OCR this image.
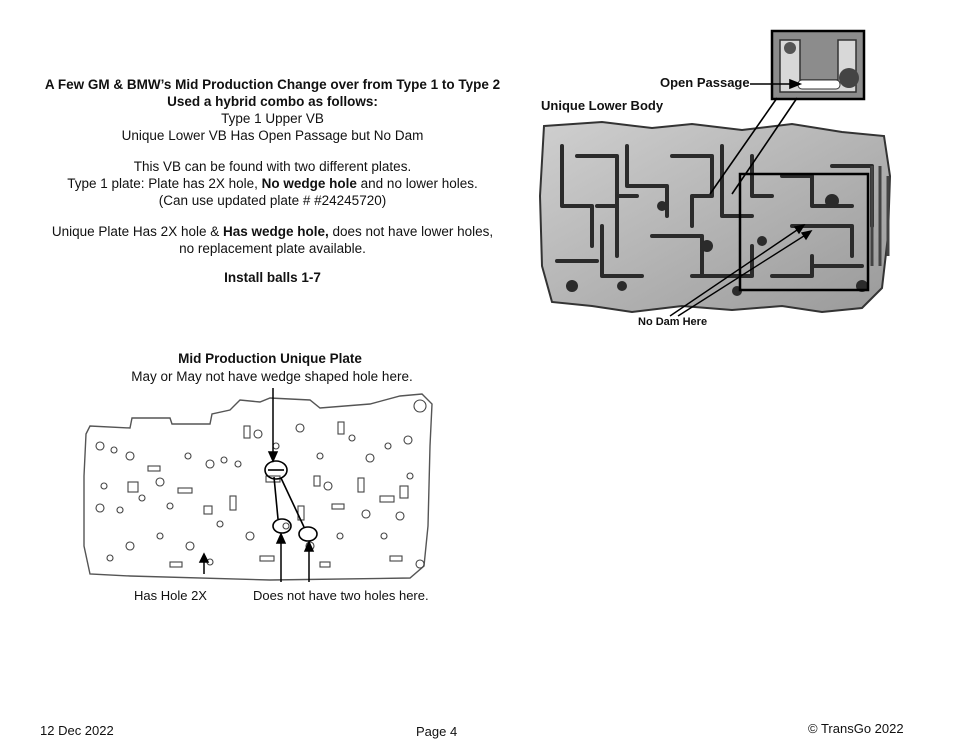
A Few GM & BMW’s Mid Production Change over from Type 1 to Type 2
Used a hybrid combo as follows:
Type 1 Upper VB
Unique Lower VB Has Open Passage but No Dam
This VB can be found with two different plates.
Type 1 plate: Plate has 2X hole, No wedge hole and no lower holes.
(Can use updated plate # #24245720)
Unique Plate Has 2X hole & Has wedge hole, does not have lower holes,
no replacement plate available.
Install balls 1-7
Unique Lower Body
Open Passage
No Dam Here
Mid Production Unique Plate
May or May not have wedge shaped hole here.
Has Hole 2X	Does not have two holes here.
12 Dec 2022	Page 4	© TransGo 2022
